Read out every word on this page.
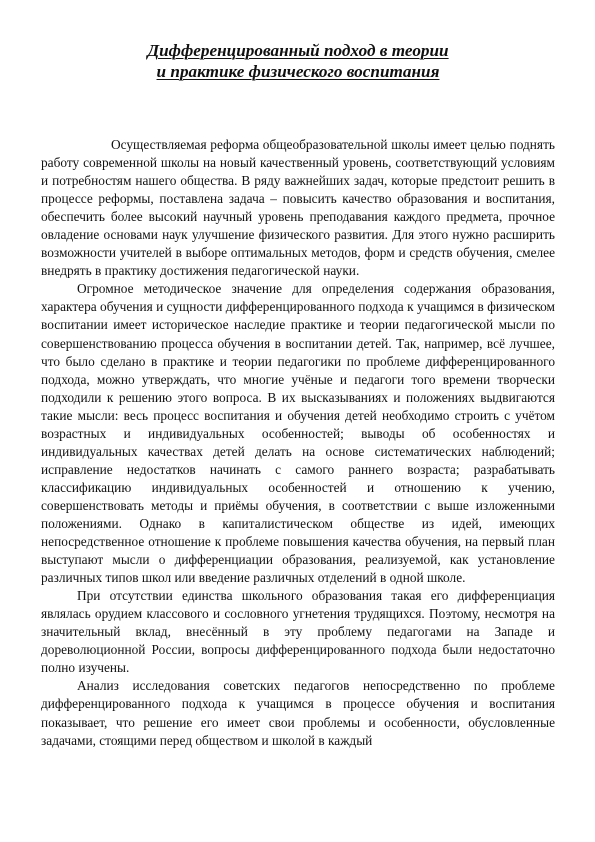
Дифференцированный подход в теории
и практике физического воспитания

Осуществляемая реформа общеобразовательной школы имеет целью поднять работу современной школы на новый качественный уровень, соответствующий условиям и потребностям нашего общества. В ряду важнейших задач, которые предстоит решить в процессе реформы, поставлена задача – повысить качество образования и воспитания, обеспечить более высокий научный уровень преподавания каждого предмета, прочное овладение основами наук улучшение физического развития. Для этого нужно расширить возможности учителей в выборе оптимальных методов, форм и средств обучения, смелее внедрять в практику достижения педагогической науки.

Огромное методическое значение для определения содержания образования, характера обучения и сущности дифференцированного подхода к учащимся в физическом воспитании имеет историческое наследие практике и теории педагогической мысли по совершенствованию процесса обучения в воспитании детей. Так, например, всё лучшее, что было сделано в практике и теории педагогики по проблеме дифференцированного подхода, можно утверждать, что многие учёные и педагоги того времени творчески подходили к решению этого вопроса. В их высказываниях и положениях выдвигаются такие мысли: весь процесс воспитания и обучения детей необходимо строить с учётом возрастных и индивидуальных особенностей; выводы об особенностях и индивидуальных качествах детей делать на основе систематических наблюдений; исправление недостатков начинать с самого раннего возраста; разрабатывать классификацию индивидуальных особенностей и отношению к учению, совершенствовать методы и приёмы обучения, в соответствии с выше изложенными положениями. Однако в капиталистическом обществе из идей, имеющих непосредственное отношение к проблеме повышения качества обучения, на первый план выступают мысли о дифференциации образования, реализуемой, как установление различных типов школ или введение различных отделений в одной школе.

При отсутствии единства школьного образования такая его дифференциация являлась орудием классового и сословного угнетения трудящихся. Поэтому, несмотря на значительный вклад, внесённый в эту проблему педагогами на Западе и дореволюционной России, вопросы дифференцированного подхода были недостаточно полно изучены.

Анализ исследования советских педагогов непосредственно по проблеме дифференцированного подхода к учащимся в процессе обучения и воспитания показывает, что решение его имеет свои проблемы и особенности, обусловленные задачами, стоящими перед обществом и школой в каждый
